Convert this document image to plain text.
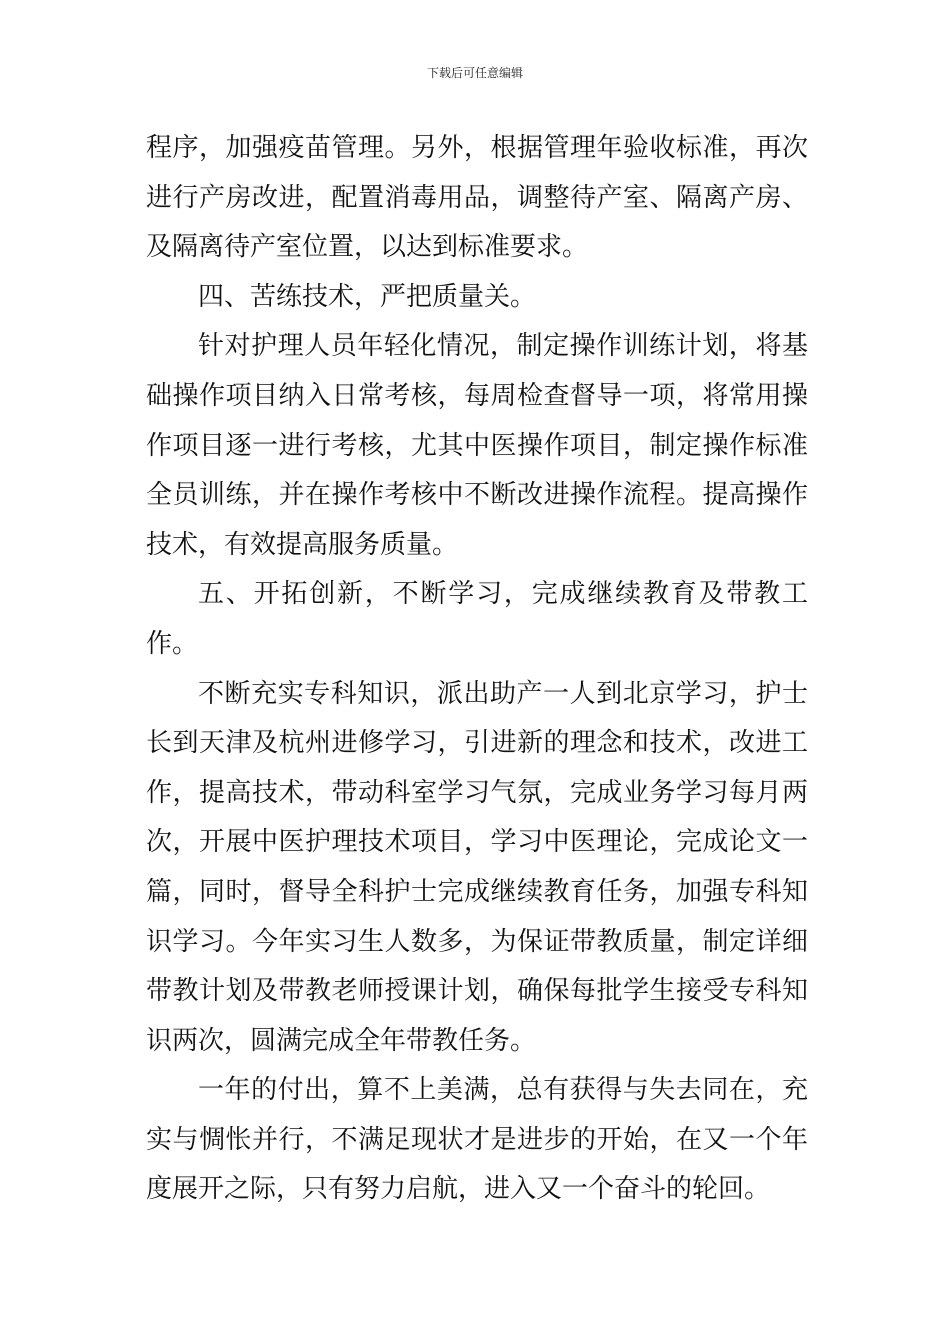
下载后可任意编辑

程序，加强疫苗管理。另外，根据管理年验收标准，再次进行产房改进，配置消毒用品，调整待产室、隔离产房、及隔离待产室位置，以达到标准要求。

四、苦练技术，严把质量关。

针对护理人员年轻化情况，制定操作训练计划，将基础操作项目纳入日常考核，每周检查督导一项，将常用操作项目逐一进行考核，尤其中医操作项目，制定操作标准全员训练，并在操作考核中不断改进操作流程。提高操作技术，有效提高服务质量。

五、开拓创新，不断学习，完成继续教育及带教工作。

不断充实专科知识，派出助产一人到北京学习，护士长到天津及杭州进修学习，引进新的理念和技术，改进工作，提高技术，带动科室学习气氛，完成业务学习每月两次，开展中医护理技术项目，学习中医理论，完成论文一篇，同时，督导全科护士完成继续教育任务，加强专科知识学习。今年实习生人数多，为保证带教质量，制定详细带教计划及带教老师授课计划，确保每批学生接受专科知识两次，圆满完成全年带教任务。

一年的付出，算不上美满，总有获得与失去同在，充实与惆怅并行，不满足现状才是进步的开始，在又一个年度展开之际，只有努力启航，进入又一个奋斗的轮回。
